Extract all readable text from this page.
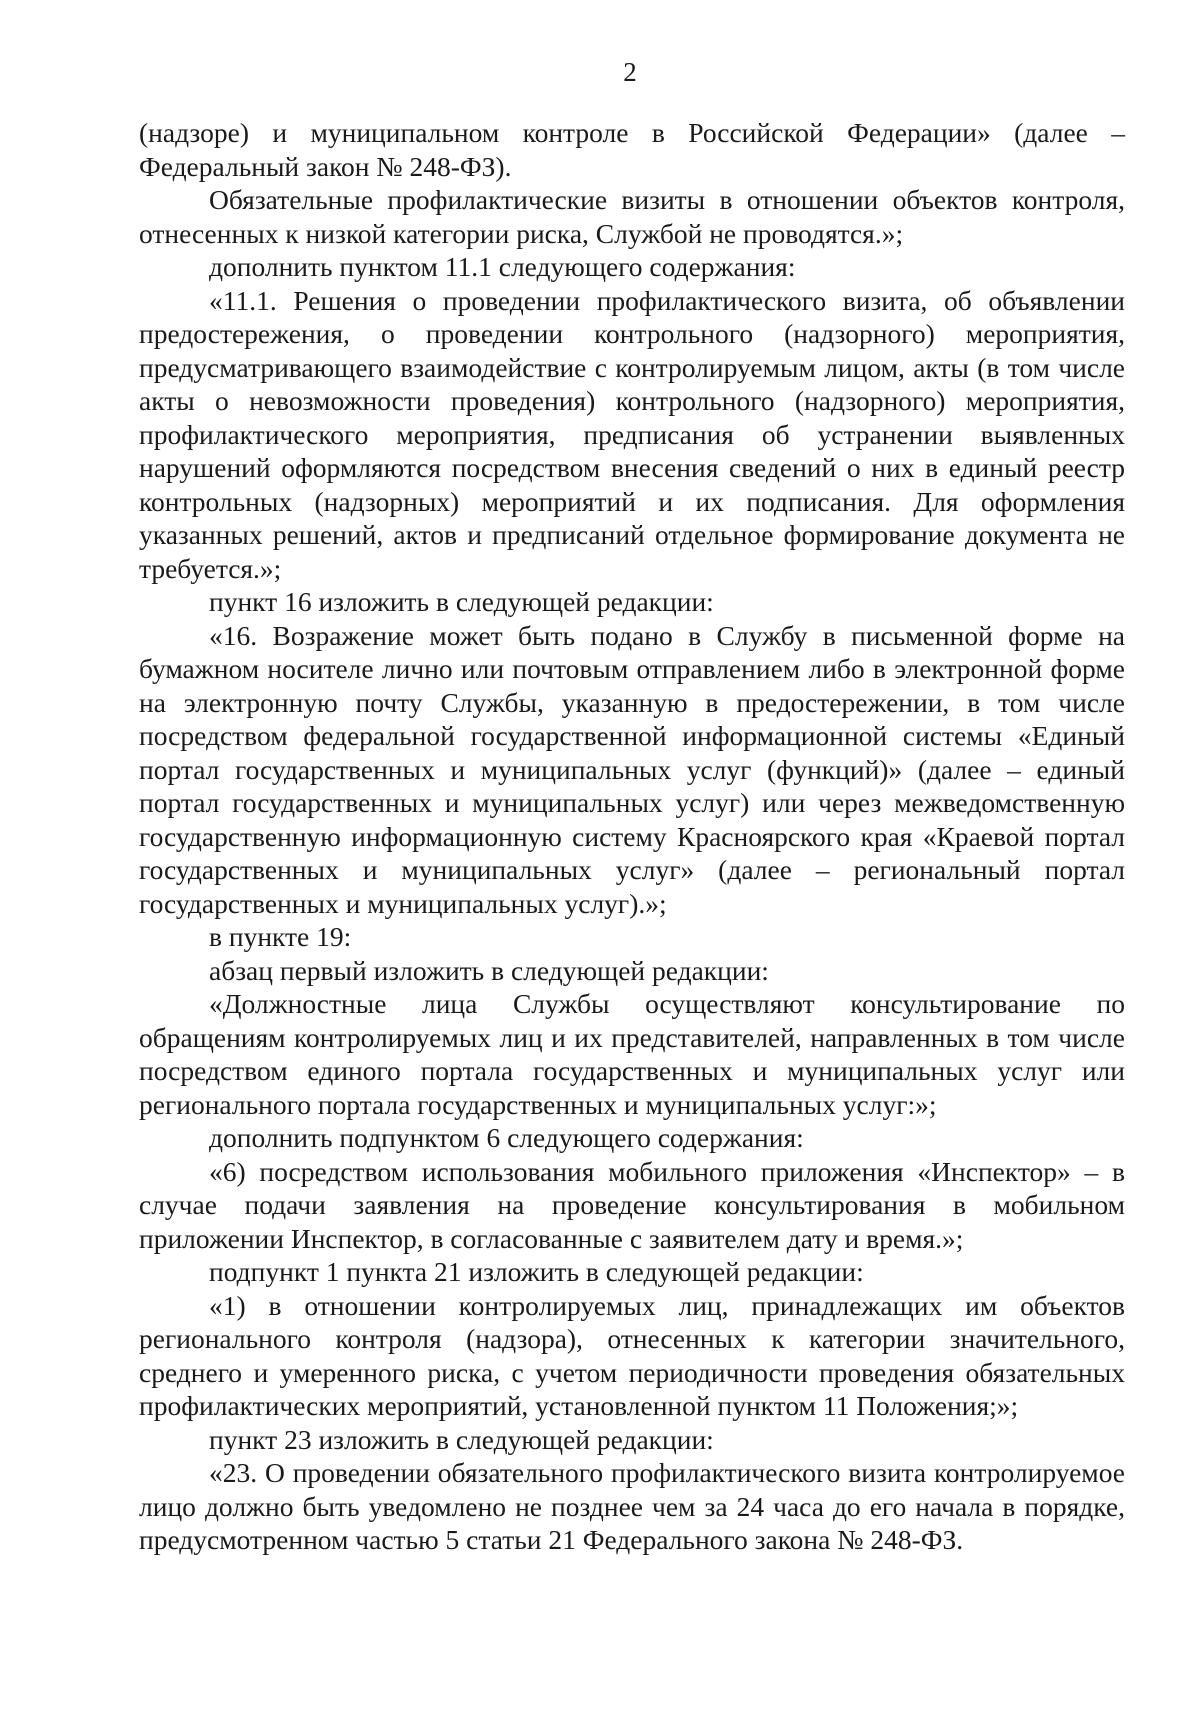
2

(надзоре) и муниципальном контроле в Российской Федерации» (далее – Федеральный закон № 248-ФЗ).

Обязательные профилактические визиты в отношении объектов контроля, отнесенных к низкой категории риска, Службой не проводятся.»;

дополнить пунктом 11.1 следующего содержания:

«11.1. Решения о проведении профилактического визита, об объявлении предостережения, о проведении контрольного (надзорного) мероприятия, предусматривающего взаимодействие с контролируемым лицом, акты (в том числе акты о невозможности проведения) контрольного (надзорного) мероприятия, профилактического мероприятия, предписания об устранении выявленных нарушений оформляются посредством внесения сведений о них в единый реестр контрольных (надзорных) мероприятий и их подписания. Для оформления указанных решений, актов и предписаний отдельное формирование документа не требуется.»;

пункт 16 изложить в следующей редакции:

«16. Возражение может быть подано в Службу в письменной форме на бумажном носителе лично или почтовым отправлением либо в электронной форме на электронную почту Службы, указанную в предостережении, в том числе посредством федеральной государственной информационной системы «Единый портал государственных и муниципальных услуг (функций)» (далее – единый портал государственных и муниципальных услуг) или через межведомственную государственную информационную систему Красноярского края «Краевой портал государственных и муниципальных услуг» (далее – региональный портал государственных и муниципальных услуг).»;

в пункте 19:

абзац первый изложить в следующей редакции:

«Должностные лица Службы осуществляют консультирование по обращениям контролируемых лиц и их представителей, направленных в том числе посредством единого портала государственных и муниципальных услуг или регионального портала государственных и муниципальных услуг:»;

дополнить подпунктом 6 следующего содержания:

«6) посредством использования мобильного приложения «Инспектор» – в случае подачи заявления на проведение консультирования в мобильном приложении Инспектор, в согласованные с заявителем дату и время.»;

подпункт 1 пункта 21 изложить в следующей редакции:

«1) в отношении контролируемых лиц, принадлежащих им объектов регионального контроля (надзора), отнесенных к категории значительного, среднего и умеренного риска, с учетом периодичности проведения обязательных профилактических мероприятий, установленной пунктом 11 Положения;»;

пункт 23 изложить в следующей редакции:

«23. О проведении обязательного профилактического визита контролируемое лицо должно быть уведомлено не позднее чем за 24 часа до его начала в порядке, предусмотренном частью 5 статьи 21 Федерального закона № 248-ФЗ.
